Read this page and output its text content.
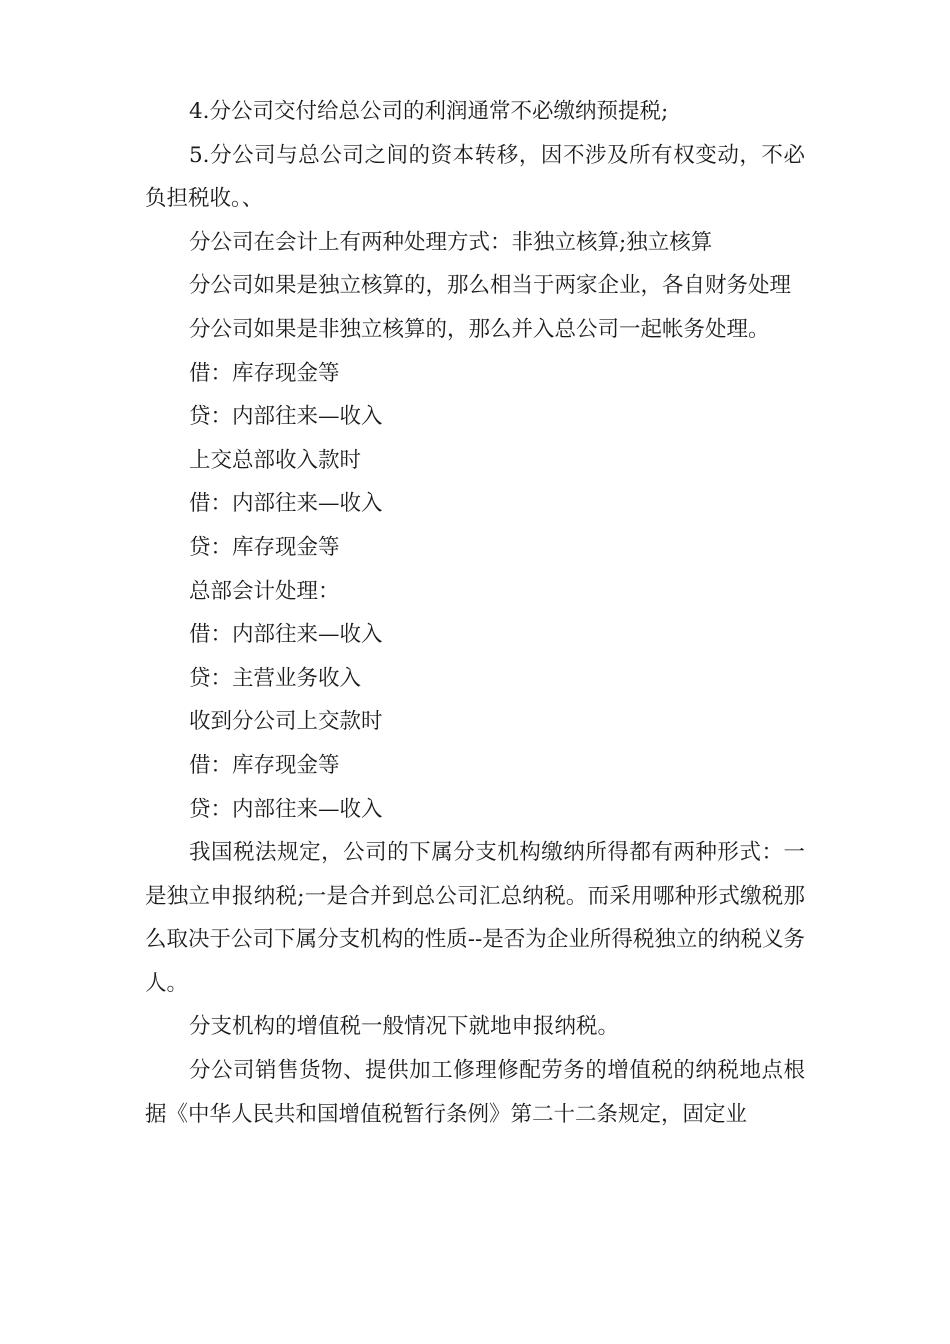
4.分公司交付给总公司的利润通常不必缴纳预提税;

5.分公司与总公司之间的资本转移，因不涉及所有权变动，不必负担税收。、

分公司在会计上有两种处理方式：非独立核算;独立核算

分公司如果是独立核算的，那么相当于两家企业，各自财务处理

分公司如果是非独立核算的，那么并入总公司一起帐务处理。

借：库存现金等

贷：内部往来—收入

上交总部收入款时

借：内部往来—收入

贷：库存现金等

总部会计处理：

借：内部往来—收入

贷：主营业务收入

收到分公司上交款时

借：库存现金等

贷：内部往来—收入

我国税法规定，公司的下属分支机构缴纳所得都有两种形式：一是独立申报纳税;一是合并到总公司汇总纳税。而采用哪种形式缴税那么取决于公司下属分支机构的性质--是否为企业所得税独立的纳税义务人。

分支机构的增值税一般情况下就地申报纳税。

分公司销售货物、提供加工修理修配劳务的增值税的纳税地点根据《中华人民共和国增值税暂行条例》第二十二条规定，固定业
